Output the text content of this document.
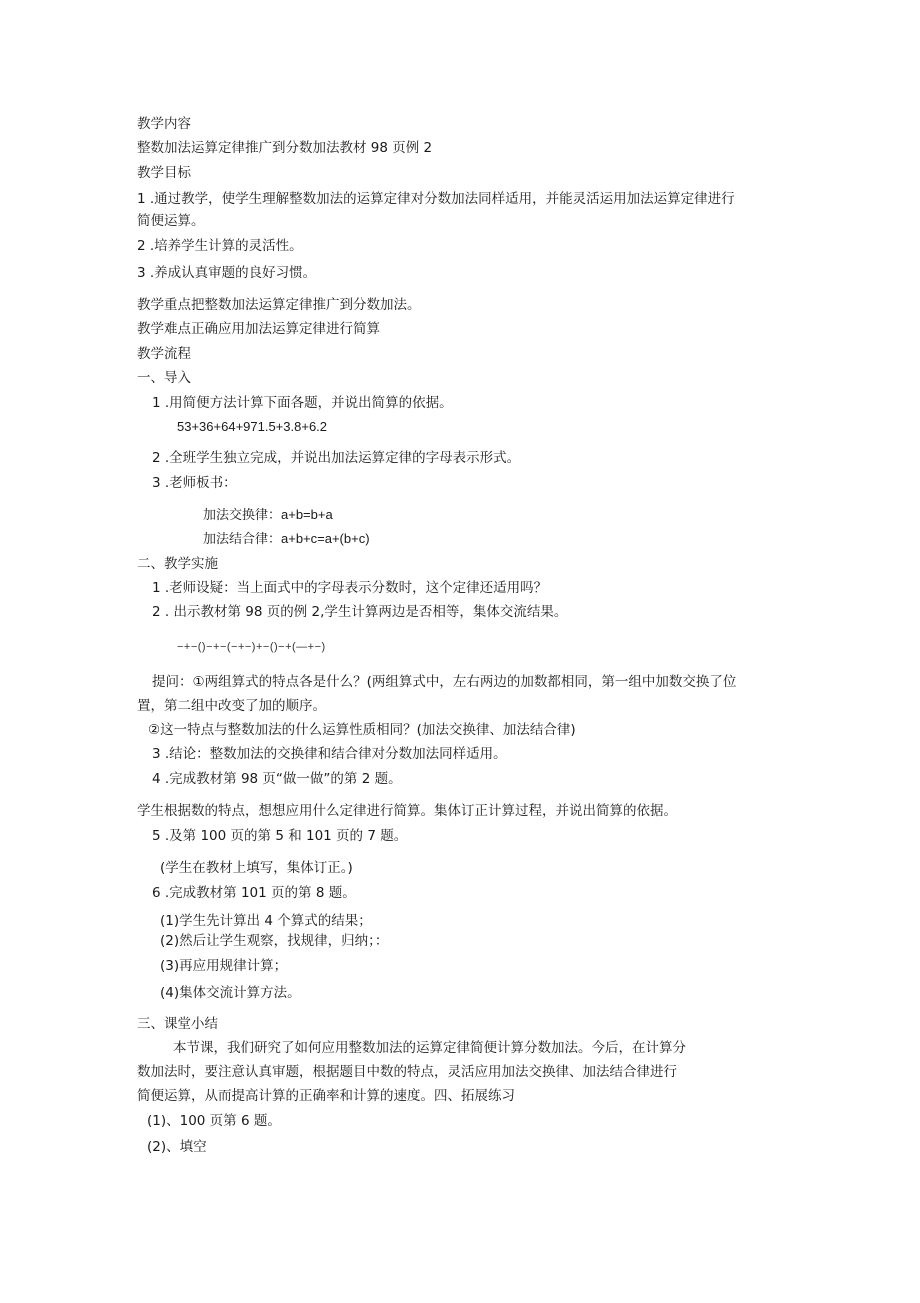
教学内容
整数加法运算定律推广到分数加法教材 98 页例 2
教学目标
1 .通过教学，使学生理解整数加法的运算定律对分数加法同样适用，并能灵活运用加法运算定律进行
简便运算。
2 .培养学生计算的灵活性。
3 .养成认真审题的良好习惯。
教学重点把整数加法运算定律推广到分数加法。
教学难点正确应用加法运算定律进行简算
教学流程
一、导入
1 .用简便方法计算下面各题，并说出简算的依据。
53+36+64+971.5+3.8+6.2
2 .全班学生独立完成，并说出加法运算定律的字母表示形式。
3 .老师板书：
加法交换律：a+b=b+a
加法结合律：a+b+c=a+(b+c)
二、教学实施
1 .老师设疑：当上面式中的字母表示分数时，这个定律还适用吗？
2 . 出示教材第 98 页的例 2,学生计算两边是否相等，集体交流结果。
−+−()−+−(−+−)+−()−+(—+−)
提问：①两组算式的特点各是什么？(两组算式中，左右两边的加数都相同，第一组中加数交换了位
置，第二组中改变了加的顺序。
②这一特点与整数加法的什么运算性质相同？(加法交换律、加法结合律)
3 .结论：整数加法的交换律和结合律对分数加法同样适用。
4 .完成教材第 98 页“做一做”的第 2 题。
学生根据数的特点，想想应用什么定律进行简算。集体订正计算过程，并说出简算的依据。
5 .及第 100 页的第 5 和 101 页的 7 题。
(学生在教材上填写，集体订正。)
6 .完成教材第 101 页的第 8 题。
(1)学生先计算出 4 个算式的结果；
(2)然后让学生观察，找规律，归纳；：
(3)再应用规律计算；
(4)集体交流计算方法。
三、课堂小结
本节课，我们研究了如何应用整数加法的运算定律简便计算分数加法。今后，在计算分
数加法时，要注意认真审题，根据题目中数的特点，灵活应用加法交换律、加法结合律进行
简便运算，从而提高计算的正确率和计算的速度。四、拓展练习
(1)、100 页第 6 题。
(2)、填空
